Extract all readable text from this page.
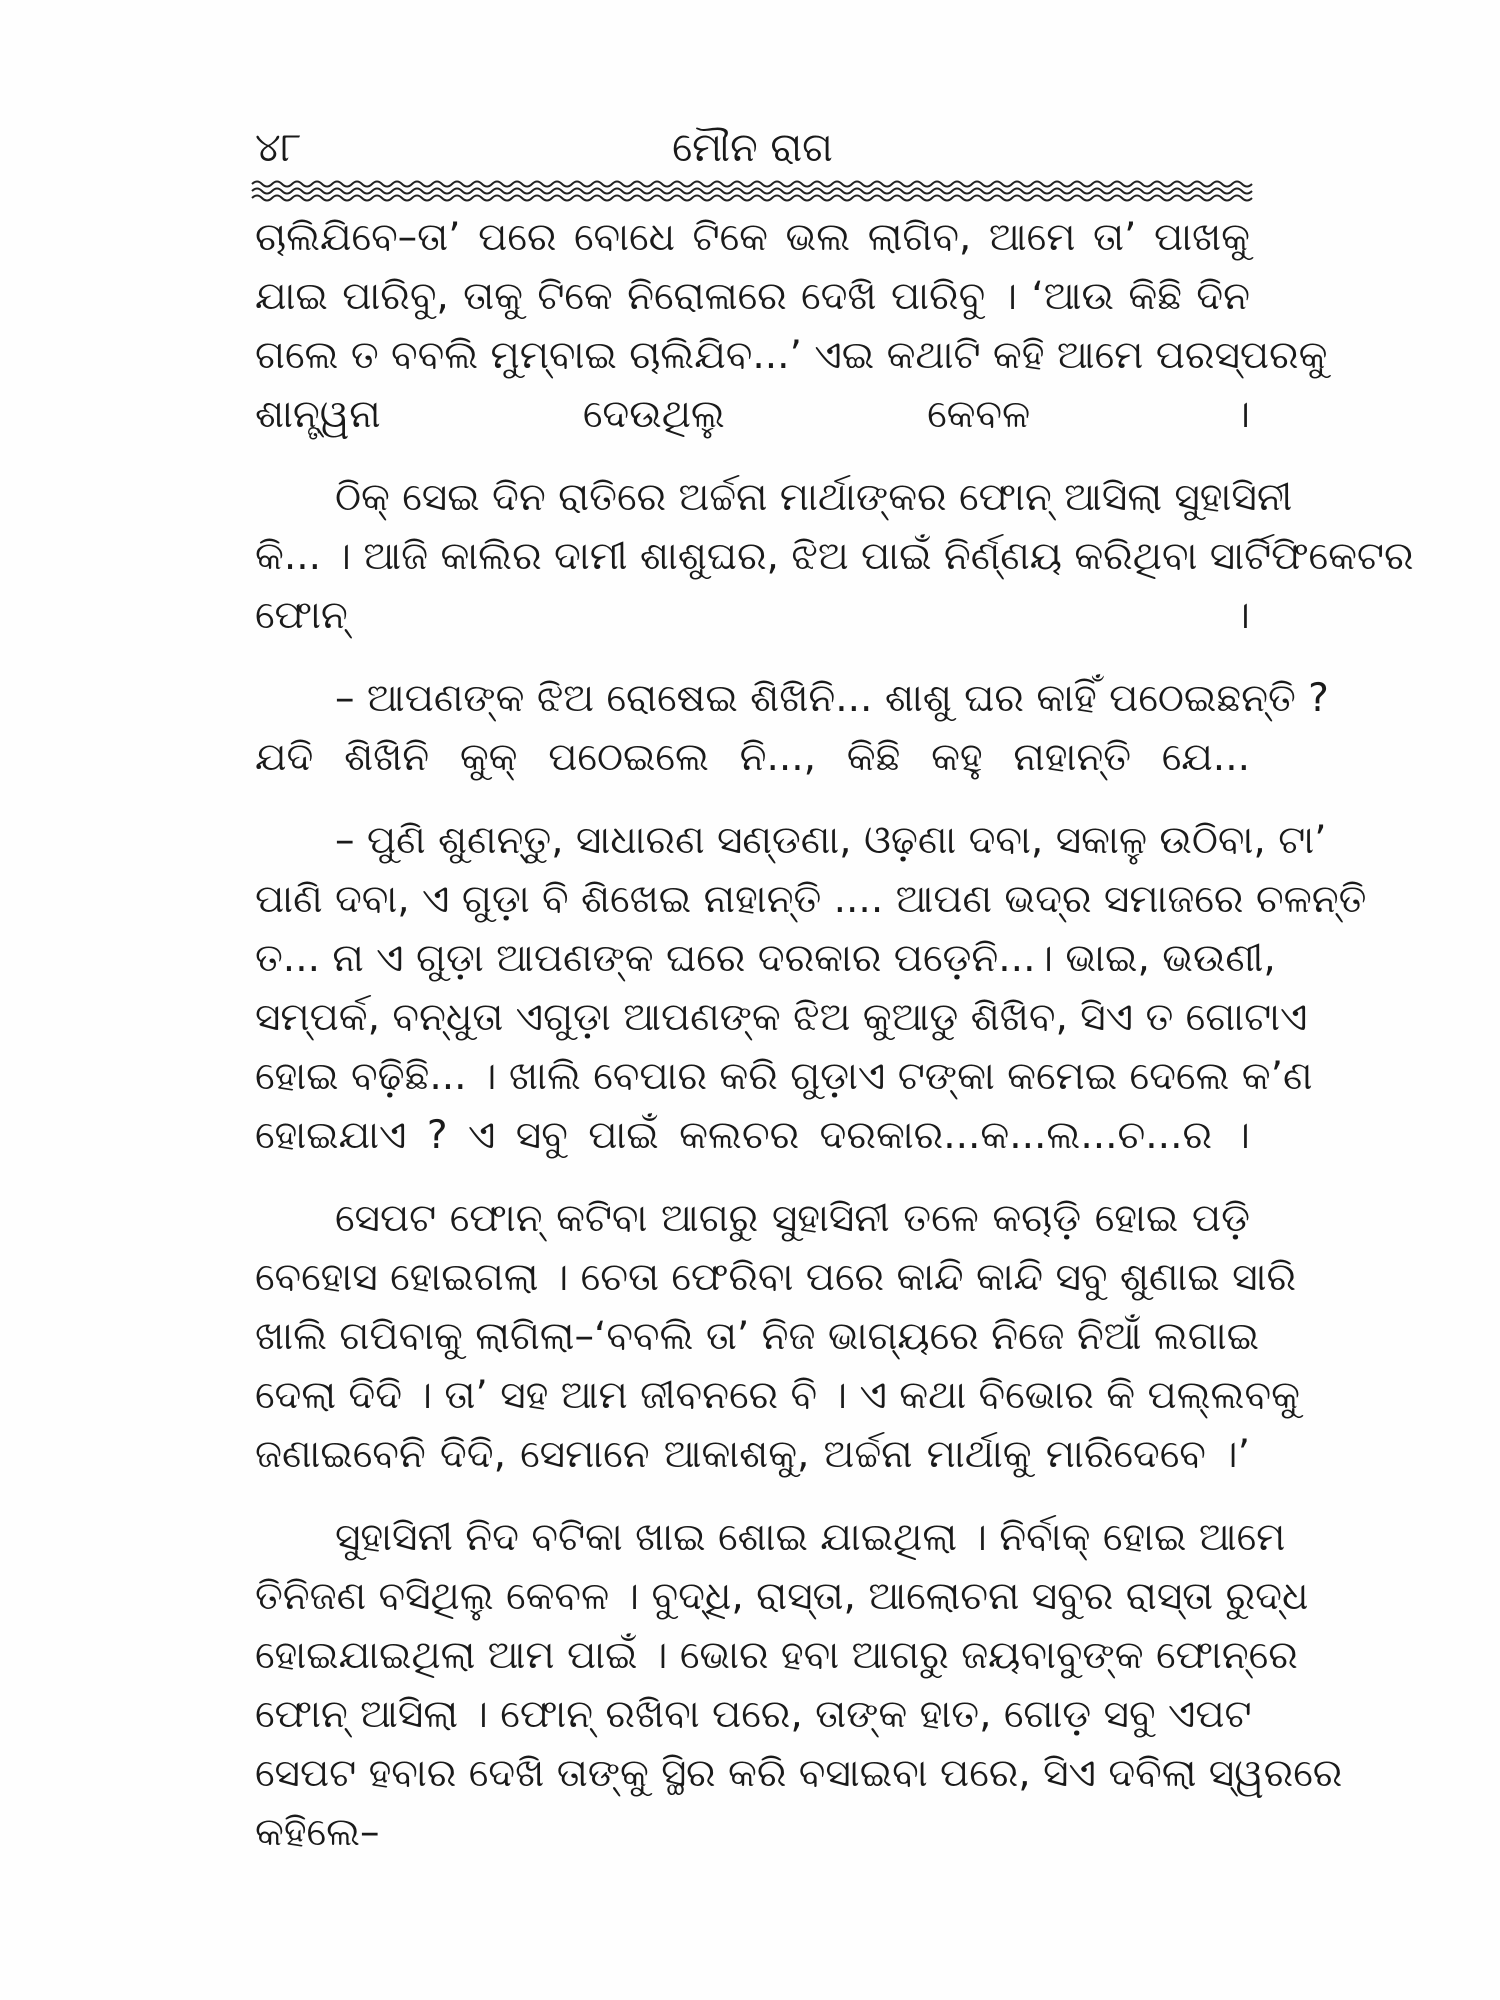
୪୮	ମୌନ ରାଗ

ଚାଲିଯିବେ–ତା’ ପରେ ବୋଧେ ଟିକେ ଭଲ ଲାଗିବ, ଆମେ ତା’ ପାଖକୁ
ଯାଇ ପାରିବୁ, ତାକୁ ଟିକେ ନିରୋଳାରେ ଦେଖି ପାରିବୁ । ‘ଆଉ କିଛି ଦିନ
ଗଲେ ତ ବବଲି ମୁମ୍ବାଇ ଚାଲିଯିବ...’ ଏଇ କଥାଟି କହି ଆମେ ପରସ୍ପରକୁ
ଶାନ୍ତ୍ୱନା ଦେଉଥିଲୁ କେବଳ ।

ଠିକ୍ ସେଇ ଦିନ ରାତିରେ ଅର୍ଚ୍ଚନା ମାର୍ଥାଙ୍କର ଫୋନ୍ ଆସିଲା ସୁହାସିନୀ
କି... । ଆଜି କାଲିର ଦାମୀ ଶାଶୁଘର, ଝିଅ ପାଇଁ ନିର୍ଣ୍ଣୟ କରିଥିବା ସାର୍ଟିଫିକେଟର
ଫୋନ୍ ।

– ଆପଣଙ୍କ ଝିଅ ରୋଷେଇ ଶିଖିନି... ଶାଶୁ ଘର କାହିଁ ପଠେଇଛନ୍ତି ?
ଯଦି ଶିଖିନି କୁକ୍ ପଠେଇଲେ ନି..., କିଛି କହୁ ନାହାନ୍ତି ଯେ...

– ପୁଣି ଶୁଣନ୍ତୁ, ସାଧାରଣ ସଣ୍ଡଣା, ଓଢ଼ଣା ଦବା, ସକାଳୁ ଉଠିବା, ଟା’
ପାଣି ଦବା, ଏ ଗୁଡ଼ା ବି ଶିଖେଇ ନାହାନ୍ତି .... ଆପଣ ଭଦ୍ର ସମାଜରେ ଚଳନ୍ତି
ତ... ନା ଏ ଗୁଡ଼ା ଆପଣଙ୍କ ଘରେ ଦରକାର ପଡ଼େନି...। ଭାଇ, ଭଉଣୀ,
ସମ୍ପର୍କ, ବନ୍ଧୁତା ଏଗୁଡ଼ା ଆପଣଙ୍କ ଝିଅ କୁଆଡୁ ଶିଖିବ, ସିଏ ତ ଗୋଟାଏ
ହୋଇ ବଢ଼ିଛି... । ଖାଲି ବେପାର କରି ଗୁଡ଼ାଏ ଟଙ୍କା କମେଇ ଦେଲେ କ’ଣ
ହୋଇଯାଏ ? ଏ ସବୁ ପାଇଁ କଲଚର ଦରକାର...କ...ଲ...ଚ...ର ।

ସେପଟ ଫୋନ୍ କଟିବା ଆଗରୁ ସୁହାସିନୀ ତଳେ କଚାଡ଼ି ହୋଇ ପଡ଼ି
ବେହୋସ ହୋଇଗଲା । ଚେତା ଫେରିବା ପରେ କାନ୍ଦି କାନ୍ଦି ସବୁ ଶୁଣାଇ ସାରି
ଖାଲି ଗପିବାକୁ ଲାଗିଲା–‘ବବଲି ତା’ ନିଜ ଭାଗ୍ୟରେ ନିଜେ ନିଆଁ ଲଗାଇ
ଦେଲା ଦିଦି । ତା’ ସହ ଆମ ଜୀବନରେ ବି । ଏ କଥା ବିଭୋର କି ପଲ୍ଲବକୁ
ଜଣାଇବେନି ଦିଦି, ସେମାନେ ଆକାଶକୁ, ଅର୍ଚ୍ଚନା ମାର୍ଥାକୁ ମାରିଦେବେ ।’

ସୁହାସିନୀ ନିଦ ବଟିକା ଖାଇ ଶୋଇ ଯାଇଥିଲା । ନିର୍ବାକ୍ ହୋଇ ଆମେ
ତିନିଜଣ ବସିଥିଲୁ କେବଳ । ବୁଦ୍ଧି, ରାସ୍ତା, ଆଲୋଚନା ସବୁର ରାସ୍ତା ରୁଦ୍ଧ
ହୋଇଯାଇଥିଲା ଆମ ପାଇଁ । ଭୋର ହବା ଆଗରୁ ଜୟବାବୁଙ୍କ ଫୋନ୍‌ରେ
ଫୋନ୍ ଆସିଲା । ଫୋନ୍ ରଖିବା ପରେ, ତାଙ୍କ ହାତ, ଗୋଡ଼ ସବୁ ଏପଟ
ସେପଟ ହବାର ଦେଖି ତାଙ୍କୁ ସ୍ଥିର କରି ବସାଇବା ପରେ, ସିଏ ଦବିଲା ସ୍ୱରରେ
କହିଲେ–
